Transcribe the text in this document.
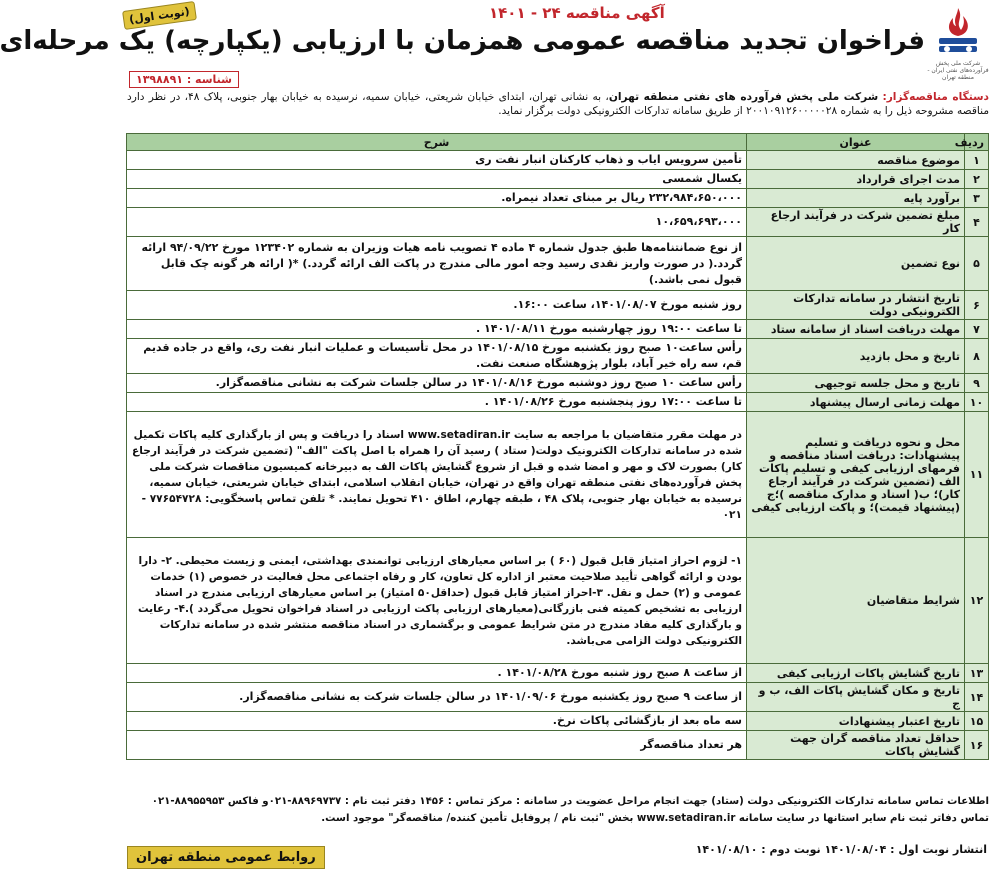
شرکت ملی پخش فرآورده‌های نفتی ایران - منطقه تهران
آگهی مناقصه ۲۴ - ۱۴۰۱
(نوبت اول)
فراخوان تجدید مناقصه عمومی همزمان با ارزیابی (یکپارچه) یک مرحله‌ای
شناسه : ۱۳۹۸۸۹۱
دستگاه مناقصه‌گزار: شرکت ملی پخش فرآورده های نفتی منطقه تهران، به نشانی تهران، ابتدای خیابان شریعتی، خیابان سمیه، نرسیده به خیابان بهار جنوبی، پلاک ۴۸، در نظر دارد مناقصه مشروحه ذیل را به شماره ۲۰۰۱۰۹۱۲۶۰۰۰۰۰۲۸ از طریق سامانه تدارکات الکترونیکی دولت برگزار نماید.
ردیف	عنوان	شرح
۱	موضوع مناقصه	تأمین سرویس ایاب و ذهاب کارکنان انبار نفت ری
۲	مدت اجرای قرارداد	یکسال شمسی
۳	برآورد پایه	۲۳۲،۹۸۴،۶۵۰،۰۰۰ ریال بر مبنای تعداد نیمراه.
۴	مبلغ تضمین شرکت در فرآیند ارجاع کار	۱۰،۶۵۹،۶۹۳،۰۰۰
۵	نوع تضمین	از نوع ضمانتنامه‌ها طبق جدول شماره ۴ ماده ۴ تصویب نامه هیات وزیران به شماره ۱۲۳۴۰۲ مورخ ۹۴/۰۹/۲۲ ارائه گردد.( در صورت واریز نقدی رسید وجه امور مالی مندرج در پاکت الف ارائه گردد.) *( ارائه هر گونه چک قابل قبول نمی باشد.)
۶	تاریخ انتشار در سامانه تدارکات الکترونیکی دولت	روز شنبه مورخ ۱۴۰۱/۰۸/۰۷، ساعت ۱۶:۰۰.
۷	مهلت دریافت اسناد از سامانه ستاد	تا ساعت ۱۹:۰۰ روز چهارشنبه مورخ ۱۴۰۱/۰۸/۱۱ .
۸	تاریخ و محل بازدید	رأس ساعت۱۰ صبح روز یکشنبه مورخ ۱۴۰۱/۰۸/۱۵ در محل تأسیسات و عملیات انبار نفت ری، واقع در جاده قدیم قم، سه راه خیر آباد، بلوار پژوهشگاه صنعت نفت.
۹	تاریخ و محل جلسه توجیهی	رأس ساعت ۱۰ صبح روز دوشنبه مورخ ۱۴۰۱/۰۸/۱۶ در سالن جلسات شرکت به نشانی مناقصه‌گزار.
۱۰	مهلت زمانی ارسال پیشنهاد	تا ساعت ۱۷:۰۰ روز پنجشنبه مورخ ۱۴۰۱/۰۸/۲۶ .
۱۱	محل و نحوه دریافت و تسلیم پیشنهادات: دریافت اسناد مناقصه و فرمهای ارزیابی کیفی و تسلیم پاکات الف (تضمین شرکت در فرآیند ارجاع کار)؛ ب( اسناد و مدارک مناقصه )؛ج (پیشنهاد قیمت)؛ و پاکت ارزیابی کیفی	در مهلت مقرر متقاضیان با مراجعه به سایت www.setadiran.ir اسناد را دریافت و پس از بارگذاری کلیه پاکات تکمیل شده در سامانه تدارکات الکترونیک دولت( ستاد ) رسید آن را همراه با اصل پاکت "الف" (تضمین شرکت در فرآیند ارجاع کار) بصورت لاک و مهر و امضا شده و قبل از شروع گشایش پاکات الف به دبیرخانه کمیسیون مناقصات شرکت ملی پخش فرآورده‌های نفتی منطقه تهران واقع در تهران، خیابان انقلاب اسلامی، ابتدای خیابان شریعتی، خیابان سمیه، نرسیده به خیابان بهار جنوبی، پلاک ۴۸ ، طبقه چهارم، اطاق ۴۱۰ تحویل نمایند. * تلفن تماس پاسخگویی: ۷۷۶۵۴۷۲۸ - ۰۲۱
۱۲	شرایط متقاضیان	۱- لزوم احراز امتیاز قابل قبول (۶۰ ) بر اساس معیارهای ارزیابی توانمندی بهداشتی، ایمنی و زیست محیطی. ۲- دارا بودن و ارائه گواهی تأیید صلاحیت معتبر از اداره کل تعاون، کار و رفاه اجتماعی محل فعالیت در خصوص (۱) خدمات عمومی و (۲) حمل و نقل. ۳-احراز امتیاز قابل قبول (حداقل۵۰ امتیاز) بر اساس معیارهای ارزیابی مندرج در اسناد ارزیابی به تشخیص کمیته فنی بازرگانی(معیارهای ارزیابی پاکت ارزیابی در اسناد فراخوان تحویل می‌گردد ).۴- رعایت و بارگذاری کلیه مفاد مندرج در متن شرایط عمومی و برگشماری در اسناد مناقصه منتشر شده در سامانه تدارکات الکترونیکی دولت الزامی می‌باشد.
۱۳	تاریخ گشایش پاکات ارزیابی کیفی	از ساعت ۸ صبح روز شنبه مورخ ۱۴۰۱/۰۸/۲۸ .
۱۴	تاریخ و مکان گشایش پاکات الف، ب و ج	از ساعت ۹ صبح روز یکشنبه مورخ ۱۴۰۱/۰۹/۰۶ در سالن جلسات شرکت به نشانی مناقصه‌گزار.
۱۵	تاریخ اعتبار پیشنهادات	سه ماه بعد از بازگشائی پاکات نرخ.
۱۶	حداقل تعداد مناقصه گران جهت گشایش پاکات	هر تعداد مناقصه‌گر
اطلاعات تماس سامانه تدارکات الکترونیکی دولت (ستاد) جهت انجام مراحل عضویت در سامانه : مرکز تماس : ۱۴۵۶ دفتر ثبت نام : ۸۸۹۶۹۷۳۷-۰۲۱و فاکس ۸۸۹۵۵۹۵۳-۰۲۱
تماس دفاتر ثبت نام سایر استانها در سایت سامانه www.setadiran.ir بخش "ثبت نام / پروفایل تأمین کننده/ مناقصه‌گر" موجود است.
انتشار نوبت اول : ۱۴۰۱/۰۸/۰۴ نوبت دوم : ۱۴۰۱/۰۸/۱۰
روابط عمومی منطقه تهران
